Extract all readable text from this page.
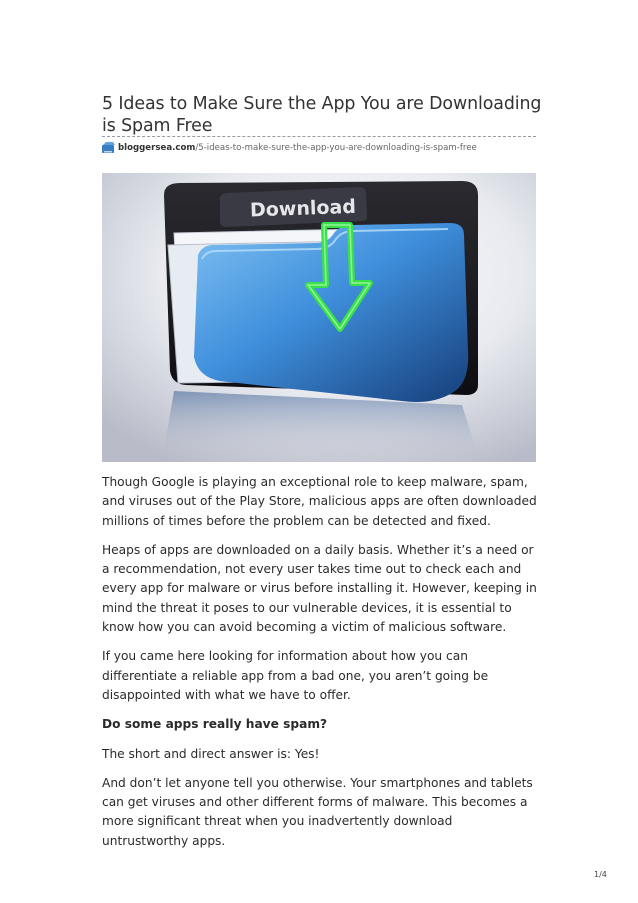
5 Ideas to Make Sure the App You are Downloading is Spam Free
bloggersea.com /5-ideas-to-make-sure-the-app-you-are-downloading-is-spam-free
Download

Though Google is playing an exceptional role to keep malware, spam, and viruses out of the Play Store, malicious apps are often downloaded millions of times before the problem can be detected and fixed.

Heaps of apps are downloaded on a daily basis. Whether it’s a need or a recommendation, not every user takes time out to check each and every app for malware or virus before installing it. However, keeping in mind the threat it poses to our vulnerable devices, it is essential to know how you can avoid becoming a victim of malicious software.

If you came here looking for information about how you can differentiate a reliable app from a bad one, you aren’t going be disappointed with what we have to offer.

Do some apps really have spam?

The short and direct answer is: Yes!

And don’t let anyone tell you otherwise. Your smartphones and tablets can get viruses and other different forms of malware. This becomes a more significant threat when you inadvertently download untrustworthy apps.

1/4
